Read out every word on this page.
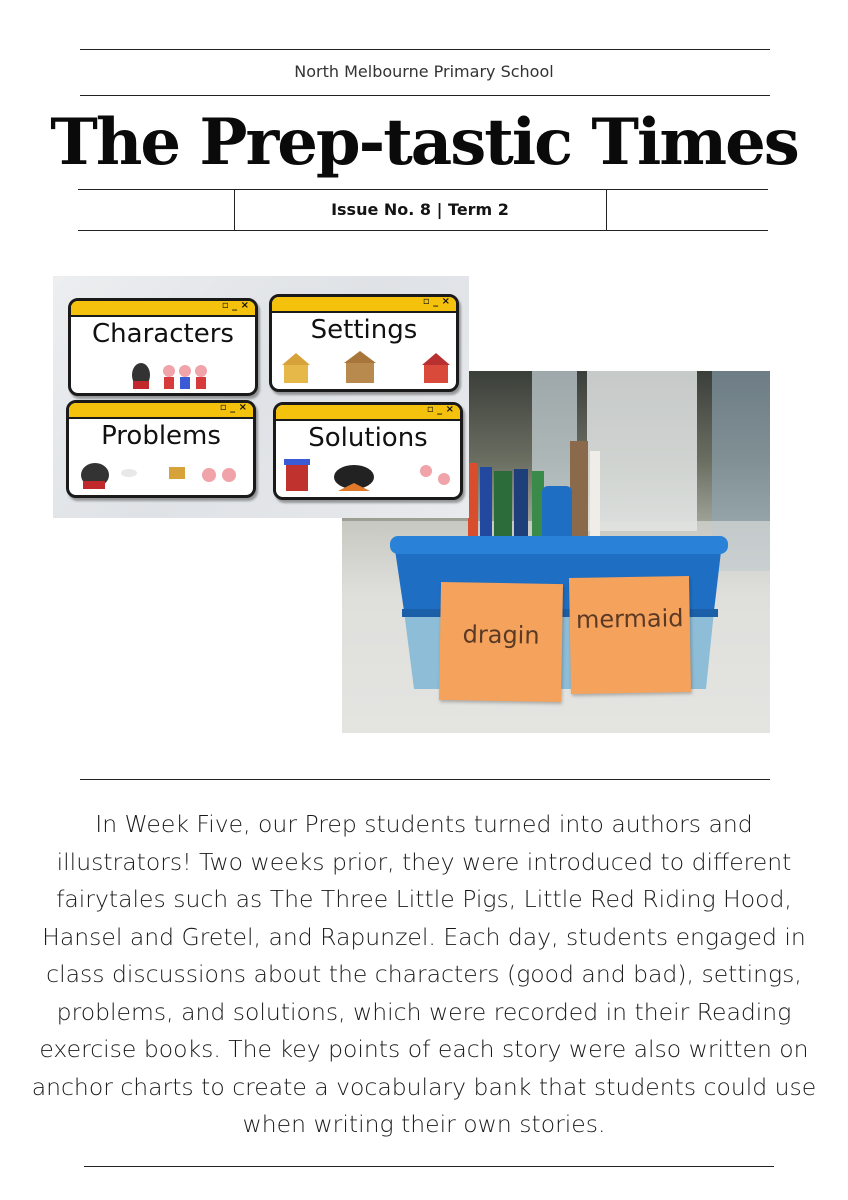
North Melbourne Primary School
The Prep-tastic Times
Issue No. 8 | Term 2
dragin
mermaid
▫ _ ×
Characters
▫ _ ×
Settings
▫ _ ×
Problems
▫ _ ×
Solutions
In Week Five, our Prep students turned into authors and illustrators! Two weeks prior, they were introduced to different fairytales such as The Three Little Pigs, Little Red Riding Hood, Hansel and Gretel, and Rapunzel. Each day, students engaged in class discussions about the characters (good and bad), settings, problems, and solutions, which were recorded in their Reading exercise books. The key points of each story were also written on anchor charts to create a vocabulary bank that students could use when writing their own stories.
